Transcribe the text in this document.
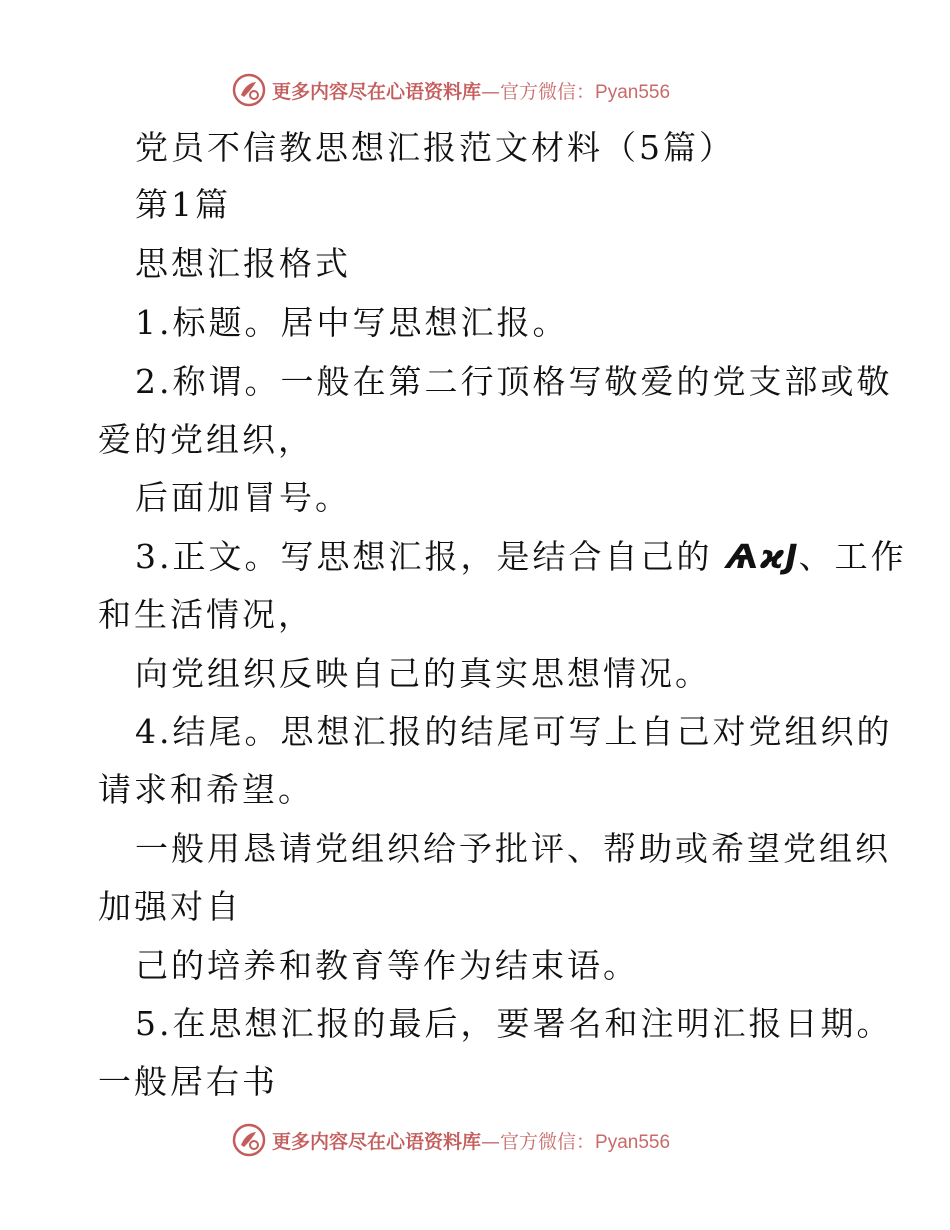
更多内容尽在心语资料库—官方微信：Pyan556
党员不信教思想汇报范文材料（5篇）
第1篇
思想汇报格式
1.标题。居中写思想汇报。
2.称谓。一般在第二行顶格写敬爱的党支部或敬
爱的党组织，
后面加冒号。
3.正文。写思想汇报，是结合自己的 ѦϰͿ、工作
和生活情况，
向党组织反映自己的真实思想情况。
4.结尾。思想汇报的结尾可写上自己对党组织的
请求和希望。
一般用恳请党组织给予批评、帮助或希望党组织
加强对自
己的培养和教育等作为结束语。
5.在思想汇报的最后，要署名和注明汇报日期。
一般居右书
更多内容尽在心语资料库—官方微信：Pyan556
